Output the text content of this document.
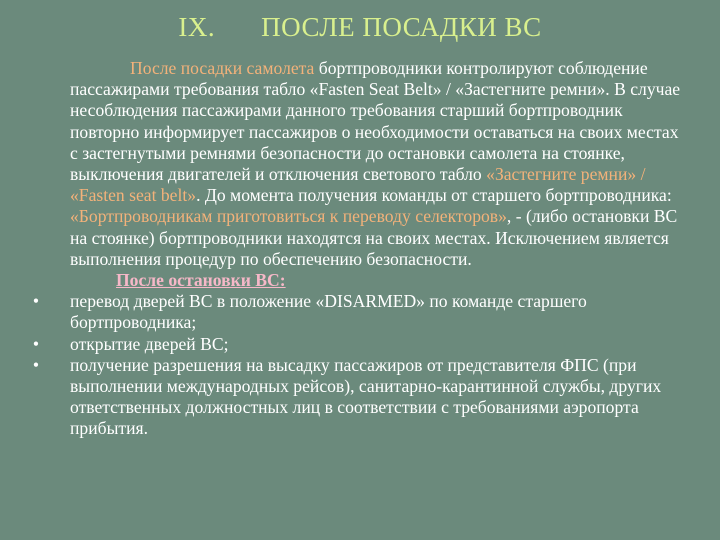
IX. ПОСЛЕ ПОСАДКИ ВС

После посадки самолета бортпроводники контролируют соблюдение пассажирами требования табло «Fasten Seat Belt» / «Застегните ремни». В случае несоблюдения пассажирами данного требования старший бортпроводник повторно информирует пассажиров о необходимости оставаться на своих местах с застегнутыми ремнями безопасности до остановки самолета на стоянке, выключения двигателей и отключения светового табло «Застегните ремни» / «Fasten seat belt». До момента получения команды от старшего бортпроводника: «Бортпроводникам приготовиться к переводу селекторов», - (либо остановки ВС на стоянке) бортпроводники находятся на своих местах. Исключением является выполнения процедур по обеспечению безопасности.

После остановки ВС:

•	перевод дверей ВС в положение «DISARMED» по команде старшего бортпроводника;
•	открытие дверей ВС;
•	получение разрешения на высадку пассажиров от представителя ФПС (при выполнении международных рейсов), санитарно-карантинной службы, других ответственных должностных лиц в соответствии с требованиями аэропорта прибытия.
